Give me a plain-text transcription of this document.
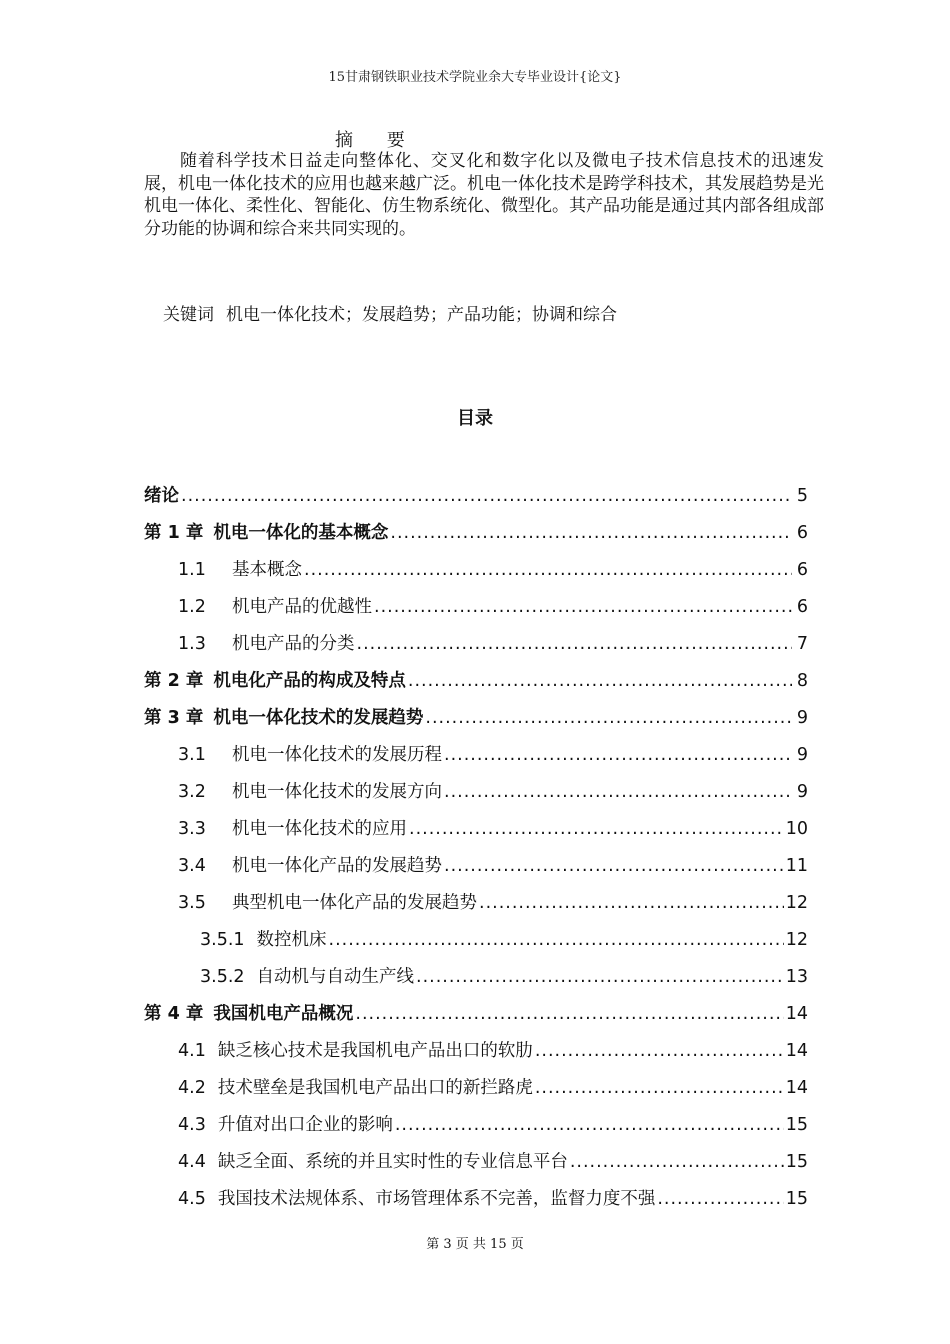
15甘肃钢铁职业技术学院业余大专毕业设计{论文}
摘 要
随着科学技术日益走向整体化、交叉化和数字化以及微电子技术信息技术的迅速发展，机电一体化技术的应用也越来越广泛。机电一体化技术是跨学科技术，其发展趋势是光机电一体化、柔性化、智能化、仿生物系统化、微型化。其产品功能是通过其内部各组成部分功能的协调和综合来共同实现的。
关键词 机电一体化技术；发展趋势；产品功能；协调和综合
目录
绪论 .....	5
第 1 章 机电一体化的基本概念 .....	6
1.1	基本概念 .....	6
1.2	机电产品的优越性 .....	6
1.3	机电产品的分类 .....	7
第 2 章 机电化产品的构成及特点 .....	8
第 3 章 机电一体化技术的发展趋势 .....	9
3.1	机电一体化技术的发展历程 .....	9
3.2	机电一体化技术的发展方向 .....	9
3.3	机电一体化技术的应用 .....	10
3.4	机电一体化产品的发展趋势 .....	11
3.5	典型机电一体化产品的发展趋势 .....	12
3.5.1 数控机床 .....	12
3.5.2 自动机与自动生产线 .....	13
第 4 章 我国机电产品概况 .....	14
4.1 缺乏核心技术是我国机电产品出口的软肋 .....	14
4.2 技术壁垒是我国机电产品出口的新拦路虎 .....	14
4.3 升值对出口企业的影响 .....	15
4.4 缺乏全面、系统的并且实时性的专业信息平台 .....	15
4.5 我国技术法规体系、市场管理体系不完善，监督力度不强 .....	15
第 3 页 共 15 页
